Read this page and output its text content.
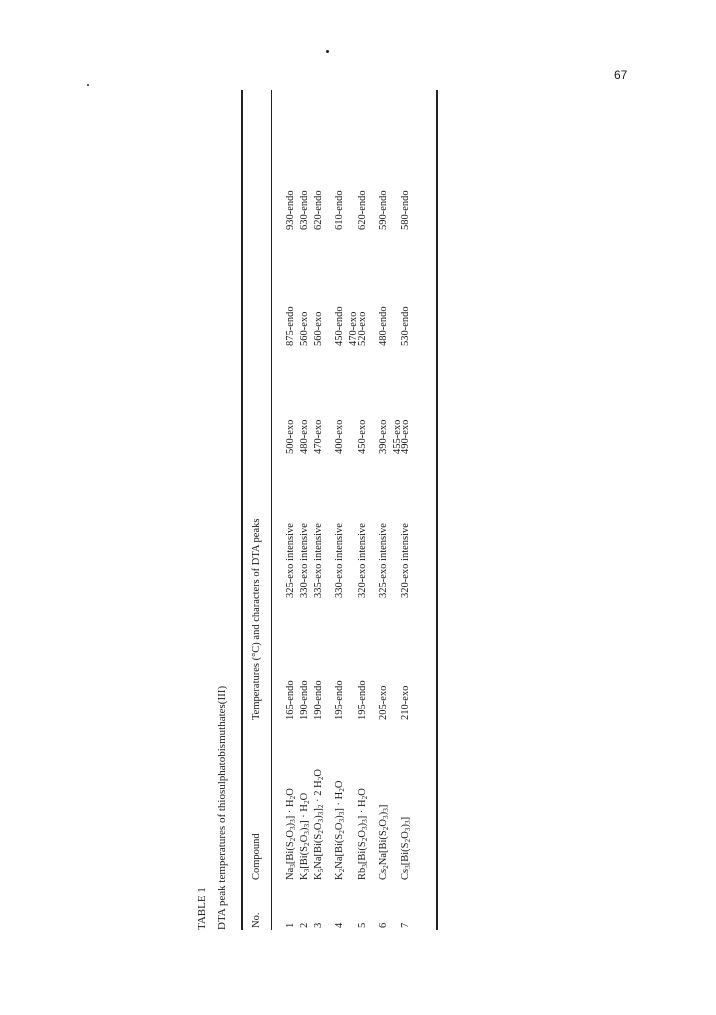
67
TABLE 1 DTA peak temperatures of thiosulphatobismuthates(III) No.
Compound
Temperatures (°C) and characters of DTA peaks
1
$Na_3[Bi(S_2O_3)_3] \cdot H_2O$
165-endo
325-exo intensive
500-exo
875-endo
930-endo
2
$K_3[Bi(S_2O_3)_3] \cdot H_2O$
190-endo
330-exo intensive
480-exo
560-exo
630-endo
3
$K_5Na[Bi(S_2O_3)_3]_2 \cdot 2$ $H_2O$
190-endo
335-exo intensive
470-exo
560-exo
620-endo
4
$K_2Na[Bi(S_2O_3)_3] \cdot H_2O$
195-endo
330-exo intensive
400-exo
450-endo
610-endo
470-exo
5
$Rb_3[Bi(S_2O_3)_3] \cdot H_2O$
195-endo
320-exo intensive
450-exo
520-exo
620-endo
6
$Cs_2Na[Bi(S_2O_3)_3]$
205-exo
325-exo intensive
390-exo
480-endo
590-endo
455-exo
7
$Cs_3[Bi(S_2O_3)_3]$
210-exo
320-exo intensive
490-exo
530-endo
580-endo
